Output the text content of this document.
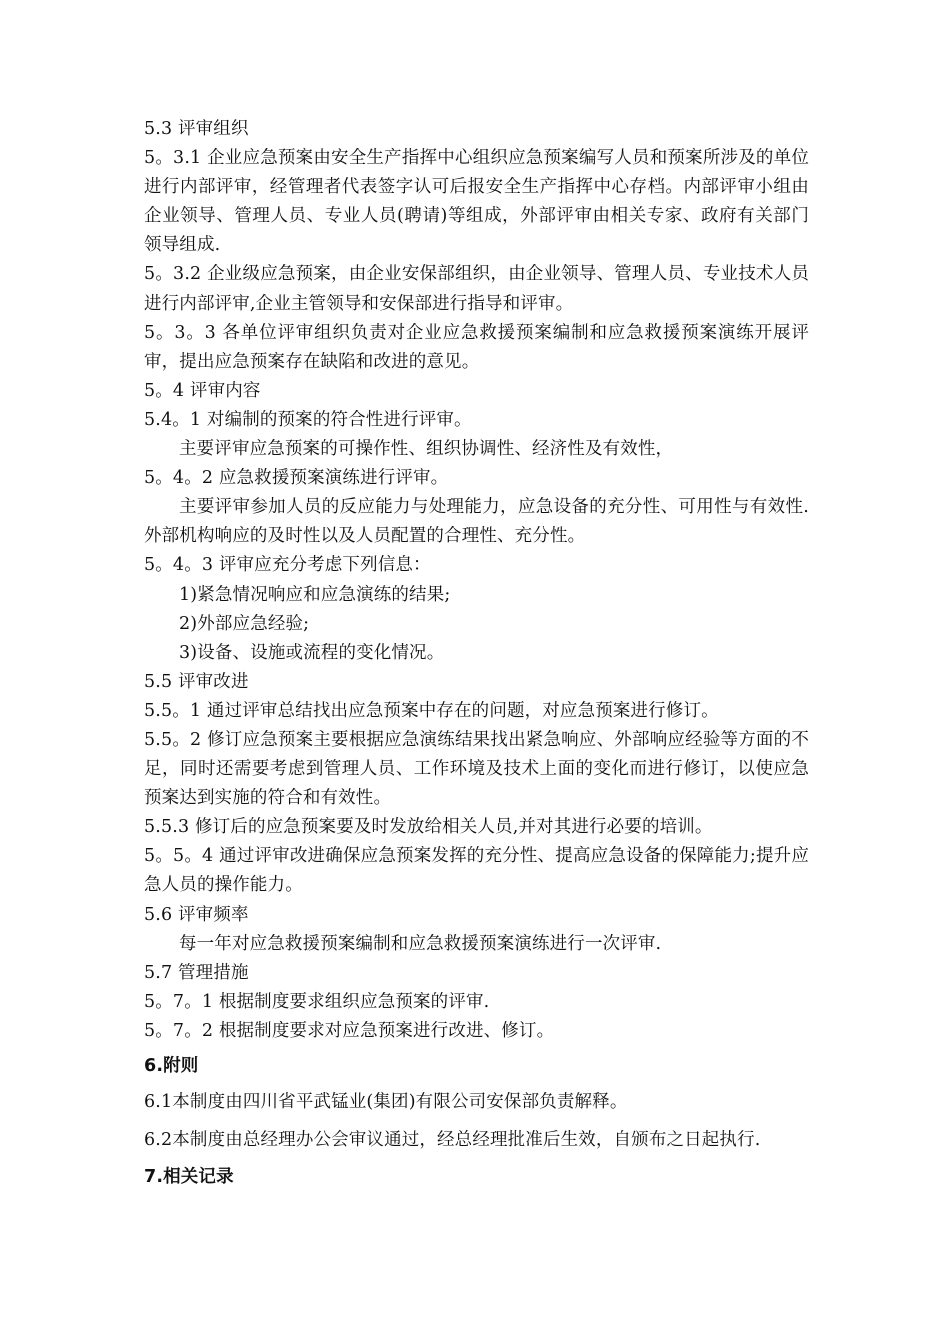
5.3 评审组织

5。3.1 企业应急预案由安全生产指挥中心组织应急预案编写人员和预案所涉及的单位进行内部评审，经管理者代表签字认可后报安全生产指挥中心存档。内部评审小组由企业领导、管理人员、专业人员(聘请)等组成，外部评审由相关专家、政府有关部门领导组成.

5。3.2 企业级应急预案，由企业安保部组织，由企业领导、管理人员、专业技术人员进行内部评审,企业主管领导和安保部进行指导和评审。

5。3。3 各单位评审组织负责对企业应急救援预案编制和应急救援预案演练开展评审，提出应急预案存在缺陷和改进的意见。

5。4 评审内容

5.4。1 对编制的预案的符合性进行评审。

主要评审应急预案的可操作性、组织协调性、经济性及有效性，

5。4。2 应急救援预案演练进行评审。

主要评审参加人员的反应能力与处理能力，应急设备的充分性、可用性与有效性.外部机构响应的及时性以及人员配置的合理性、充分性。

5。4。3 评审应充分考虑下列信息：

1)紧急情况响应和应急演练的结果;

2)外部应急经验;

3)设备、设施或流程的变化情况。

5.5 评审改进

5.5。1 通过评审总结找出应急预案中存在的问题，对应急预案进行修订。

5.5。2 修订应急预案主要根据应急演练结果找出紧急响应、外部响应经验等方面的不足，同时还需要考虑到管理人员、工作环境及技术上面的变化而进行修订，以使应急预案达到实施的符合和有效性。

5.5.3 修订后的应急预案要及时发放给相关人员,并对其进行必要的培训。

5。5。4 通过评审改进确保应急预案发挥的充分性、提高应急设备的保障能力;提升应急人员的操作能力。

5.6 评审频率

每一年对应急救援预案编制和应急救援预案演练进行一次评审.

5.7 管理措施

5。7。1 根据制度要求组织应急预案的评审.

5。7。2 根据制度要求对应急预案进行改进、修订。

6.附则

6.1本制度由四川省平武锰业(集团)有限公司安保部负责解释。

6.2本制度由总经理办公会审议通过，经总经理批准后生效，自颁布之日起执行.

7.相关记录
